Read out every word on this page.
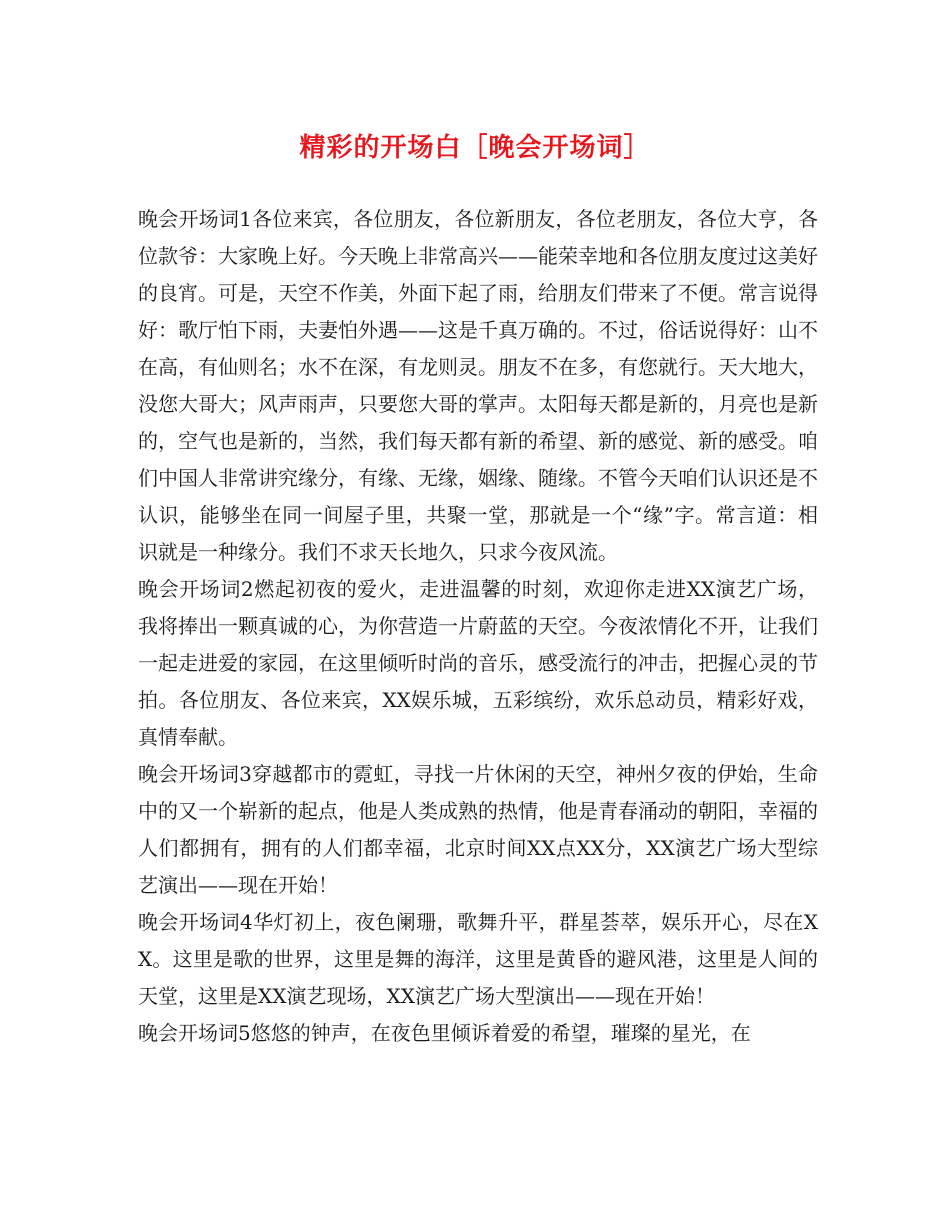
精彩的开场白［晚会开场词］

晚会开场词1各位来宾，各位朋友，各位新朋友，各位老朋友，各位大亨，各位款爷：大家晚上好。今天晚上非常高兴——能荣幸地和各位朋友度过这美好的良宵。可是，天空不作美，外面下起了雨，给朋友们带来了不便。常言说得好：歌厅怕下雨，夫妻怕外遇——这是千真万确的。不过，俗话说得好：山不在高，有仙则名；水不在深，有龙则灵。朋友不在多，有您就行。天大地大，没您大哥大；风声雨声，只要您大哥的掌声。太阳每天都是新的，月亮也是新的，空气也是新的，当然，我们每天都有新的希望、新的感觉、新的感受。咱们中国人非常讲究缘分，有缘、无缘，姻缘、随缘。不管今天咱们认识还是不认识，能够坐在同一间屋子里，共聚一堂，那就是一个“缘”字。常言道：相识就是一种缘分。我们不求天长地久，只求今夜风流。

晚会开场词2燃起初夜的爱火，走进温馨的时刻，欢迎你走进XX演艺广场，我将捧出一颗真诚的心，为你营造一片蔚蓝的天空。今夜浓情化不开，让我们一起走进爱的家园，在这里倾听时尚的音乐，感受流行的冲击，把握心灵的节拍。各位朋友、各位来宾，XX娱乐城，五彩缤纷，欢乐总动员，精彩好戏，真情奉献。

晚会开场词3穿越都市的霓虹，寻找一片休闲的天空，神州夕夜的伊始，生命中的又一个崭新的起点，他是人类成熟的热情，他是青春涌动的朝阳，幸福的人们都拥有，拥有的人们都幸福，北京时间XX点XX分，XX演艺广场大型综艺演出——现在开始！

晚会开场词4华灯初上，夜色阑珊，歌舞升平，群星荟萃，娱乐开心，尽在XX。这里是歌的世界，这里是舞的海洋，这里是黄昏的避风港，这里是人间的天堂，这里是XX演艺现场，XX演艺广场大型演出——现在开始！

晚会开场词5悠悠的钟声，在夜色里倾诉着爱的希望，璀璨的星光，在
